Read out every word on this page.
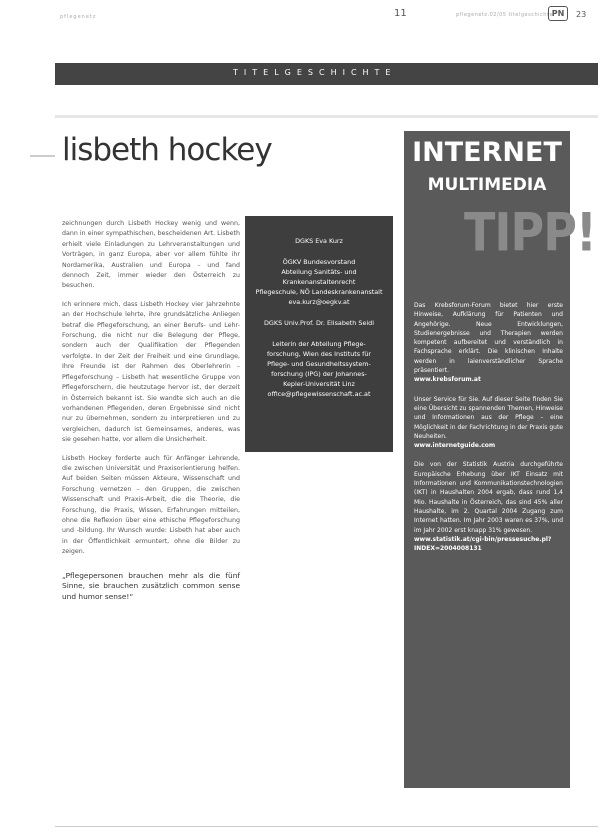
pflegenetz	11	pflegenetz.02/05 titelgeschichte
PN	23
TITELGESCHICHTE
lisbeth hockey

zeichnungen durch Lisbeth Hockey wenig und wenn, dann in einer sympathischen, bescheidenen Art. Lisbeth erhielt viele Einladungen zu Lehrveranstaltungen und Vorträgen, in ganz Europa, aber vor allem fühlte ihr Nordamerika, Australien und Europa – und fand dennoch Zeit, immer wieder den Österreich zu besuchen.

Ich erinnere mich, dass Lisbeth Hockey vier Jahrzehnte an der Hochschule lehrte, ihre grundsätzliche Anliegen betraf die Pflegeforschung, an einer Berufs- und Lehr-Forschung, die nicht nur die Belegung der Pflege, sondern auch der Qualifikation der Pflegenden verfolgte. In der Zeit der Freiheit und eine Grundlage, Ihre Freunde ist der Rahmen des Oberlehrerin – Pflegeforschung – Lisbeth hat wesentliche Gruppe von Pflegeforschern, die heutzutage hervor ist, der derzeit in Österreich bekannt ist. Sie wandte sich auch an die vorhandenen Pflegenden, deren Ergebnisse sind nicht nur zu übernehmen, sondern zu interpretieren und zu vergleichen, dadurch ist Gemeinsames, anderes, was sie gesehen hatte, vor allem die Unsicherheit.

Lisbeth Hockey forderte auch für Anfänger Lehrende, die zwischen Universität und Praxisorientierung helfen. Auf beiden Seiten müssen Akteure, Wissenschaft und Forschung vernetzen – den Gruppen, die zwischen Wissenschaft und Praxis-Arbeit, die die Theorie, die Forschung, die Praxis, Wissen, Erfahrungen mitteilen, ohne die Reflexion über eine ethische Pflegeforschung und -bildung. Ihr Wunsch wurde: Lisbeth hat aber auch in der Öffentlichkeit ermuntert, ohne die Bilder zu zeigen.

„Pflegepersonen brauchen mehr als die fünf Sinne, sie brauchen zusätzlich common sense und humor sense!“

DGKS Eva Kurz

ÖGKV Bundesvorstand

Abteilung Sanitäts- und

Krankenanstaltenrecht

Pflegeschule, NÖ Landeskrankenanstalt

eva.kurz@oegkv.at

DGKS Univ.Prof. Dr. Elisabeth Seidl

Leiterin der Abteilung Pflege-

forschung, Wien des Instituts für

Pflege- und Gesundheitssystem-

forschung (IPG) der Johannes-

Kepler-Universität Linz

office@pflegewissenschaft.ac.at

INTERNET
MULTIMEDIA
TIPP!

Das Krebsforum-Forum bietet hier erste Hinweise, Aufklärung für Patienten und Angehörige. Neue Entwicklungen, Studienergebnisse und Therapien werden kompetent aufbereitet und verständlich in Fachsprache erklärt. Die klinischen Inhalte werden in laienverständlicher Sprache präsentiert.
www.krebsforum.at

Unser Service für Sie. Auf dieser Seite finden Sie eine Übersicht zu spannenden Themen, Hinweise und Informationen aus der Pflege – eine Möglichkeit in der Fachrichtung in der Praxis gute Neuheiten.
www.internetguide.com

Die von der Statistik Austria durchgeführte Europäische Erhebung über IKT Einsatz mit Informationen und Kommunikationstechnologien (IKT) in Haushalten 2004 ergab, dass rund 1,4 Mio. Haushalte in Österreich, das sind 45% aller Haushalte, im 2. Quartal 2004 Zugang zum Internet hatten. Im Jahr 2003 waren es 37%, und im Jahr 2002 erst knapp 31% gewesen.
www.statistik.at/cgi-bin/pressesuche.pl?INDEX=2004008131
